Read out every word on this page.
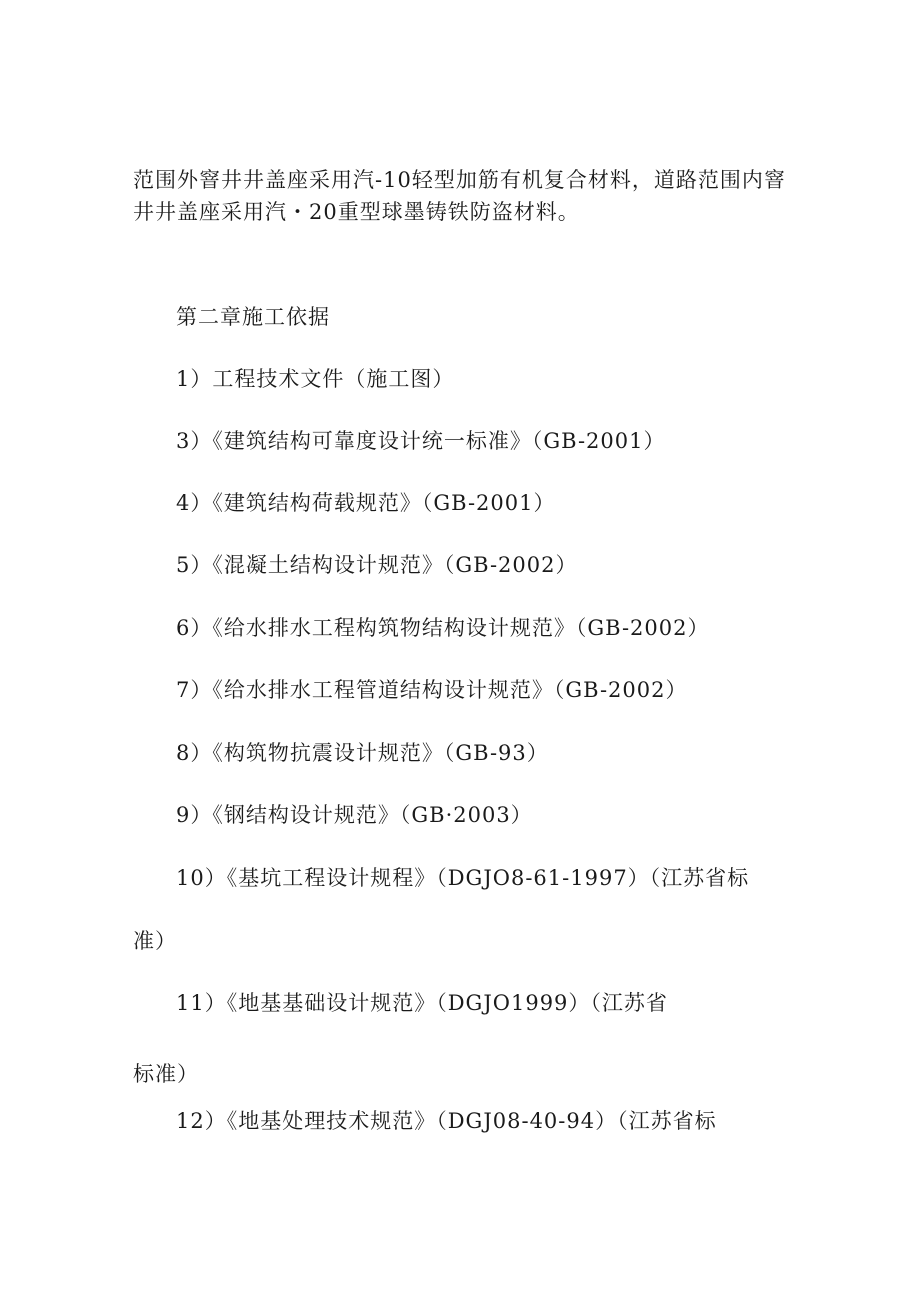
范围外窨井井盖座采用汽-10轻型加筋有机复合材料，道路范围内窨
井井盖座采用汽・20重型球墨铸铁防盗材料。
第二章施工依据
1）工程技术文件（施工图）
3）《建筑结构可靠度设计统一标准》（GB-2001）
4）《建筑结构荷载规范》（GB-2001）
5）《混凝土结构设计规范》（GB-2002）
6）《给水排水工程构筑物结构设计规范》（GB-2002）
7）《给水排水工程管道结构设计规范》（GB-2002）
8）《构筑物抗震设计规范》（GB-93）
9）《钢结构设计规范》（GB·2003）
10）《基坑工程设计规程》（DGJO8-61-1997）（江苏省标
准）
11）《地基基础设计规范》（DGJO1999）（江苏省
标准）
12）《地基处理技术规范》（DGJ08-40-94）（江苏省标
